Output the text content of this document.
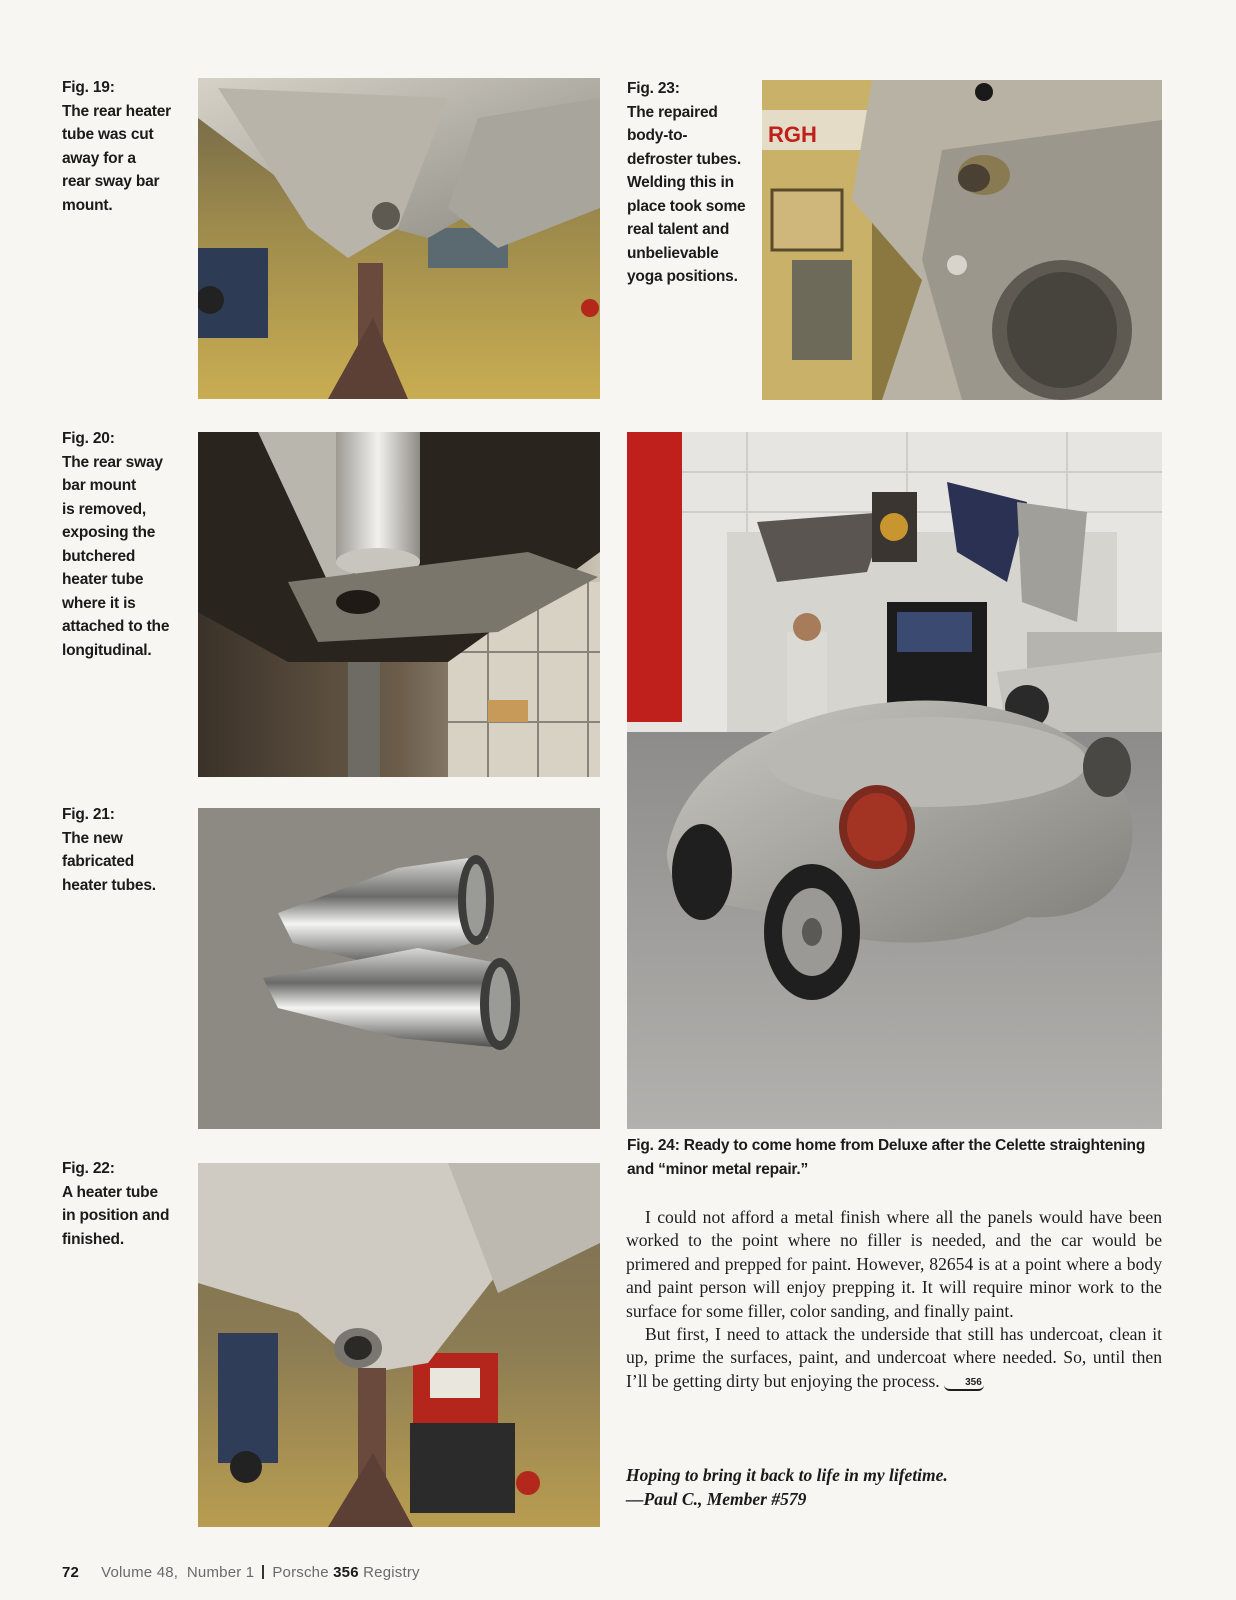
Fig. 19:
The rear heater
tube was cut
away for a
rear sway bar
mount.
Fig. 20:
The rear sway
bar mount
is removed,
exposing the
butchered
heater tube
where it is
attached to the
longitudinal.
Fig. 21:
The new
fabricated
heater tubes.
Fig. 22:
A heater tube
in position and
finished.
Fig. 23:
The repaired
body-to-
defroster tubes.
Welding this in
place took some
real talent and
unbelievable
yoga positions.
Fig. 24: Ready to come home from Deluxe after the Celette straightening
and “minor metal repair.”
RGH

I could not afford a metal finish where all the panels would have been worked to the point where no filler is needed, and the car would be primered and prepped for paint. However, 82654 is at a point where a body and paint person will enjoy prepping it. It will require minor work to the surface for some filler, color sanding, and finally paint.

But first, I need to attack the underside that still has undercoat, clean it up, prime the surfaces, paint, and undercoat where needed. So, until then I’ll be getting dirty but enjoying the process.	356

Hoping to bring it back to life in my lifetime.
—Paul C., Member #579
72 Volume 48,  Number 1 Porsche 356 Registry
